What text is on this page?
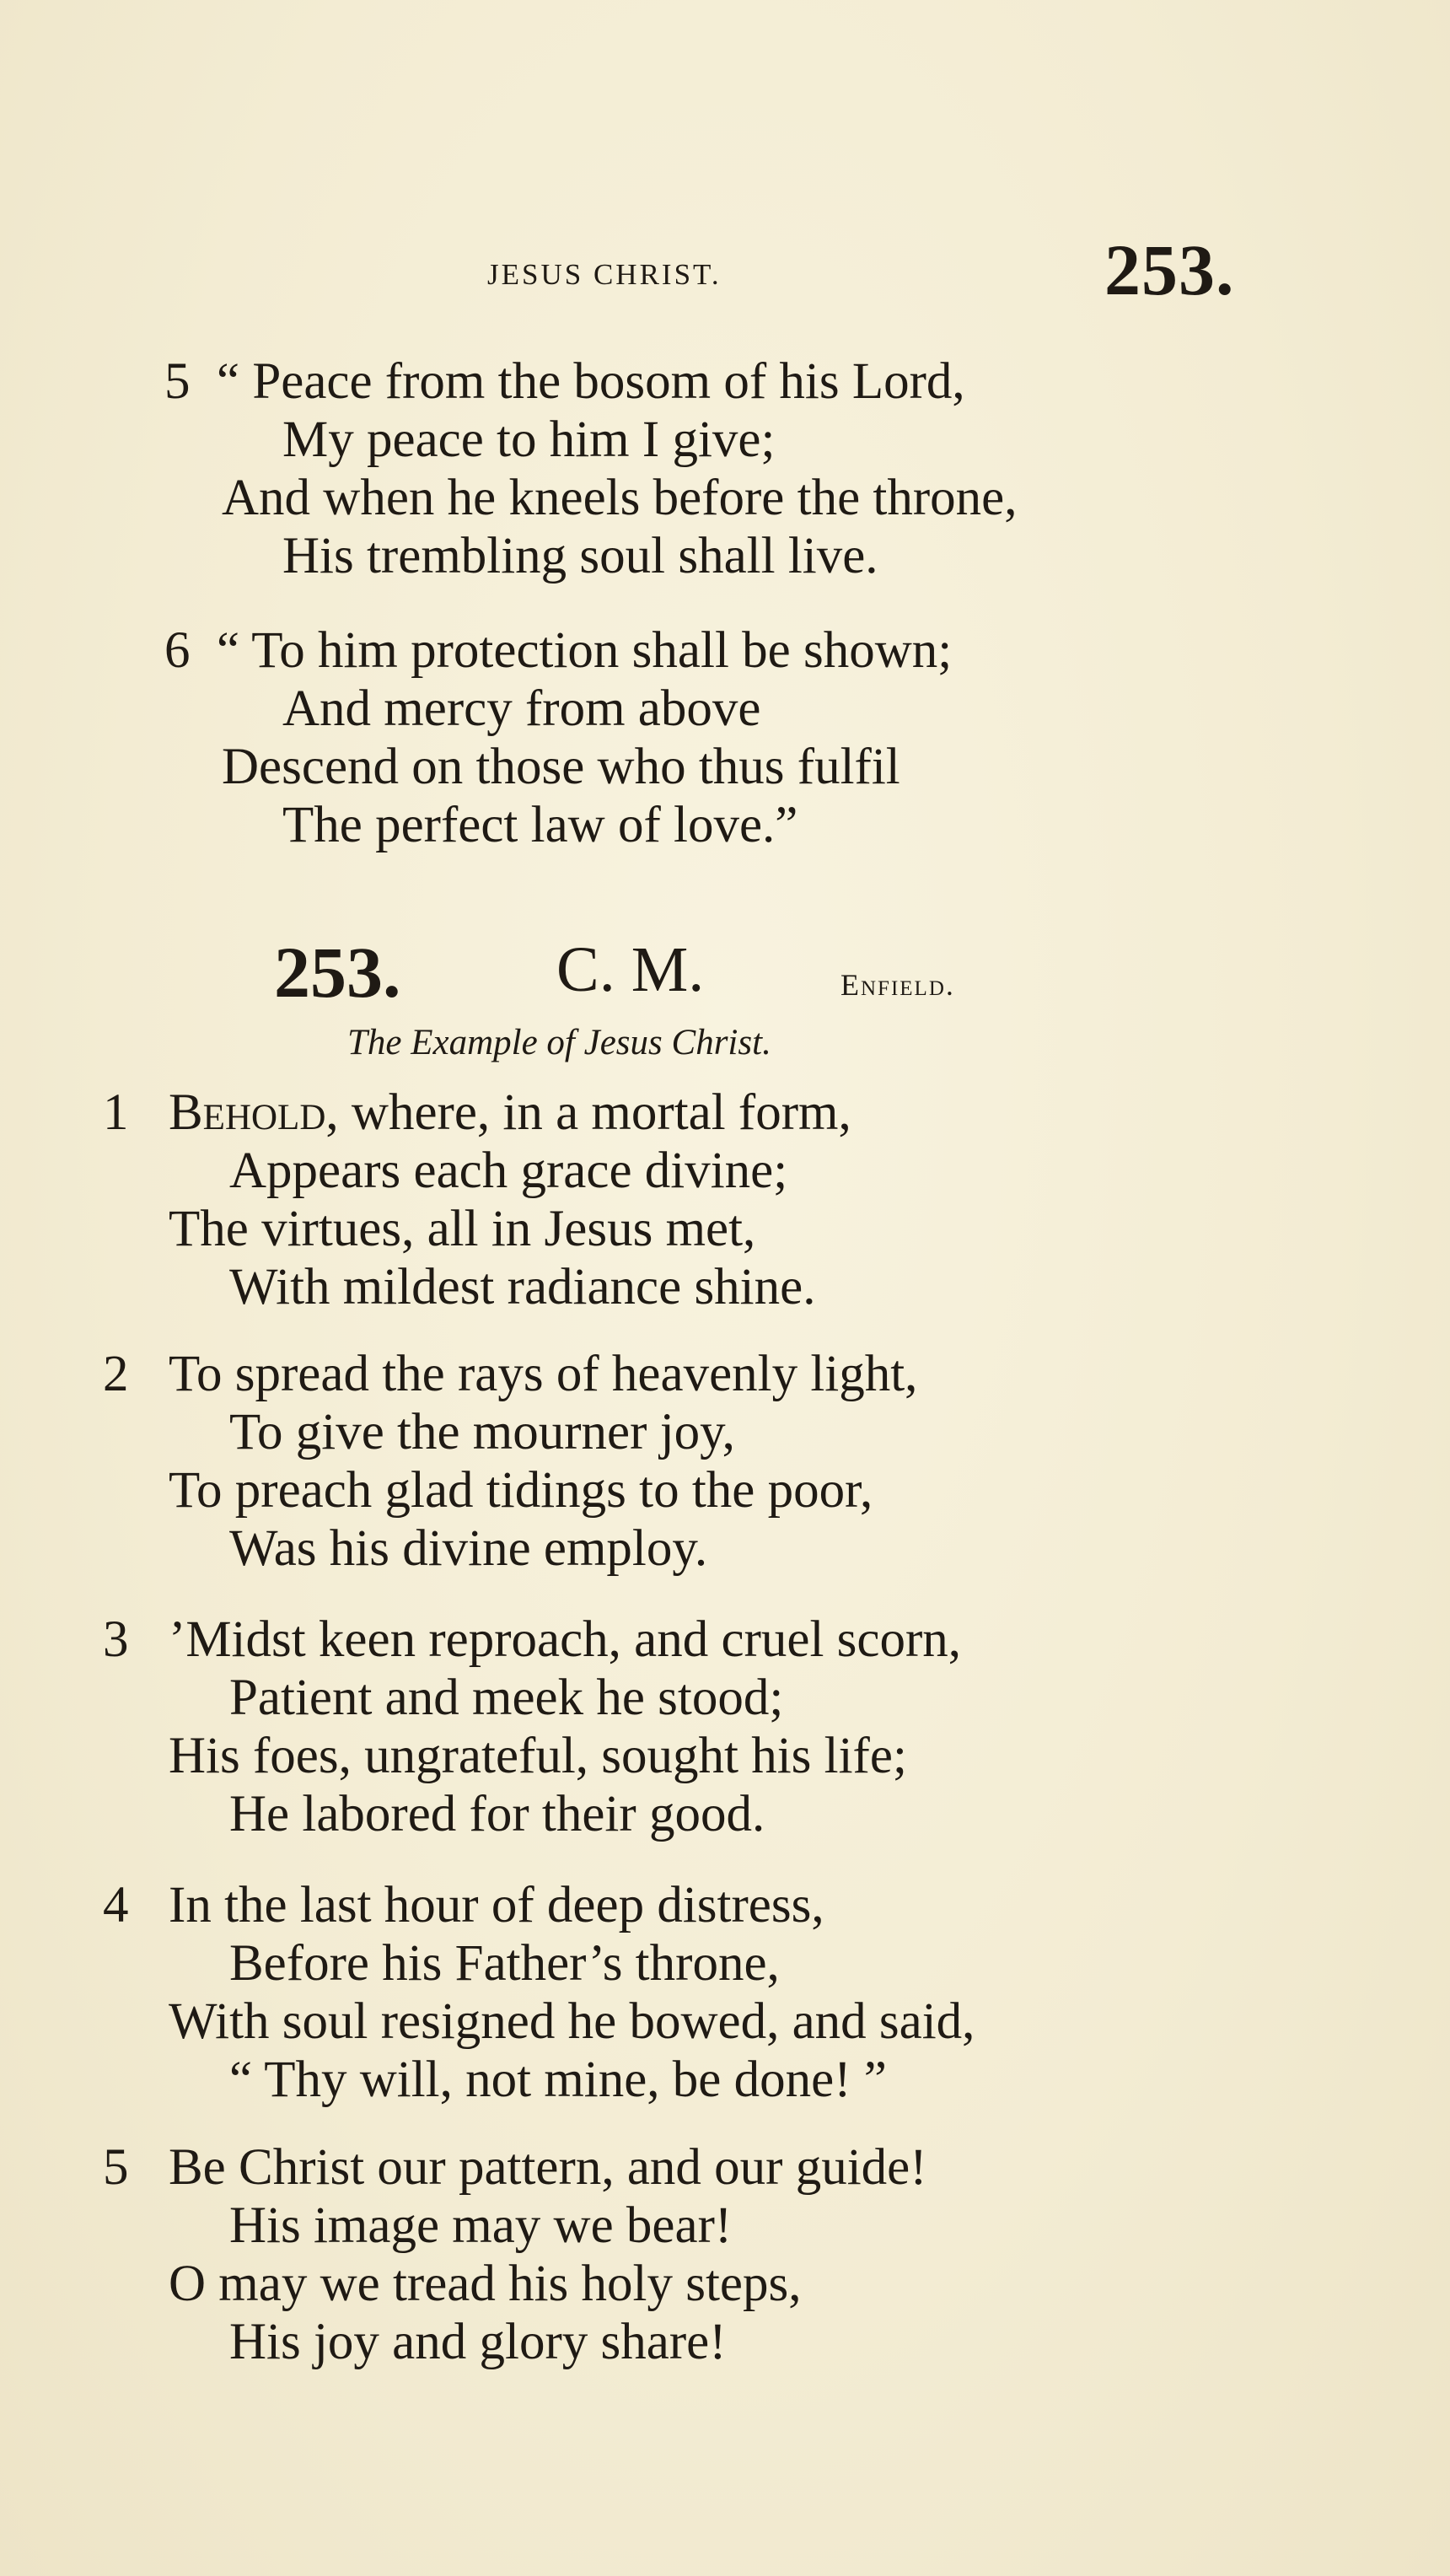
JESUS CHRIST.	253.
5 “ Peace from the bosom of his Lord,
My peace to him I give;
And when he kneels before the throne,
His trembling soul shall live.
6 “ To him protection shall be shown;
And mercy from above
Descend on those who thus fulfil
The perfect law of love.”
253. C. M.	Enfield.
The Example of Jesus Christ.
1 Behold, where, in a mortal form,
Appears each grace divine;
The virtues, all in Jesus met,
With mildest radiance shine.
2 To spread the rays of heavenly light,
To give the mourner joy,
To preach glad tidings to the poor,
Was his divine employ.
3 ’Midst keen reproach, and cruel scorn,
Patient and meek he stood;
His foes, ungrateful, sought his life;
He labored for their good.
4 In the last hour of deep distress,
Before his Father’s throne,
With soul resigned he bowed, and said,
“ Thy will, not mine, be done! ”
5 Be Christ our pattern, and our guide!
His image may we bear!
O may we tread his holy steps,
His joy and glory share!
